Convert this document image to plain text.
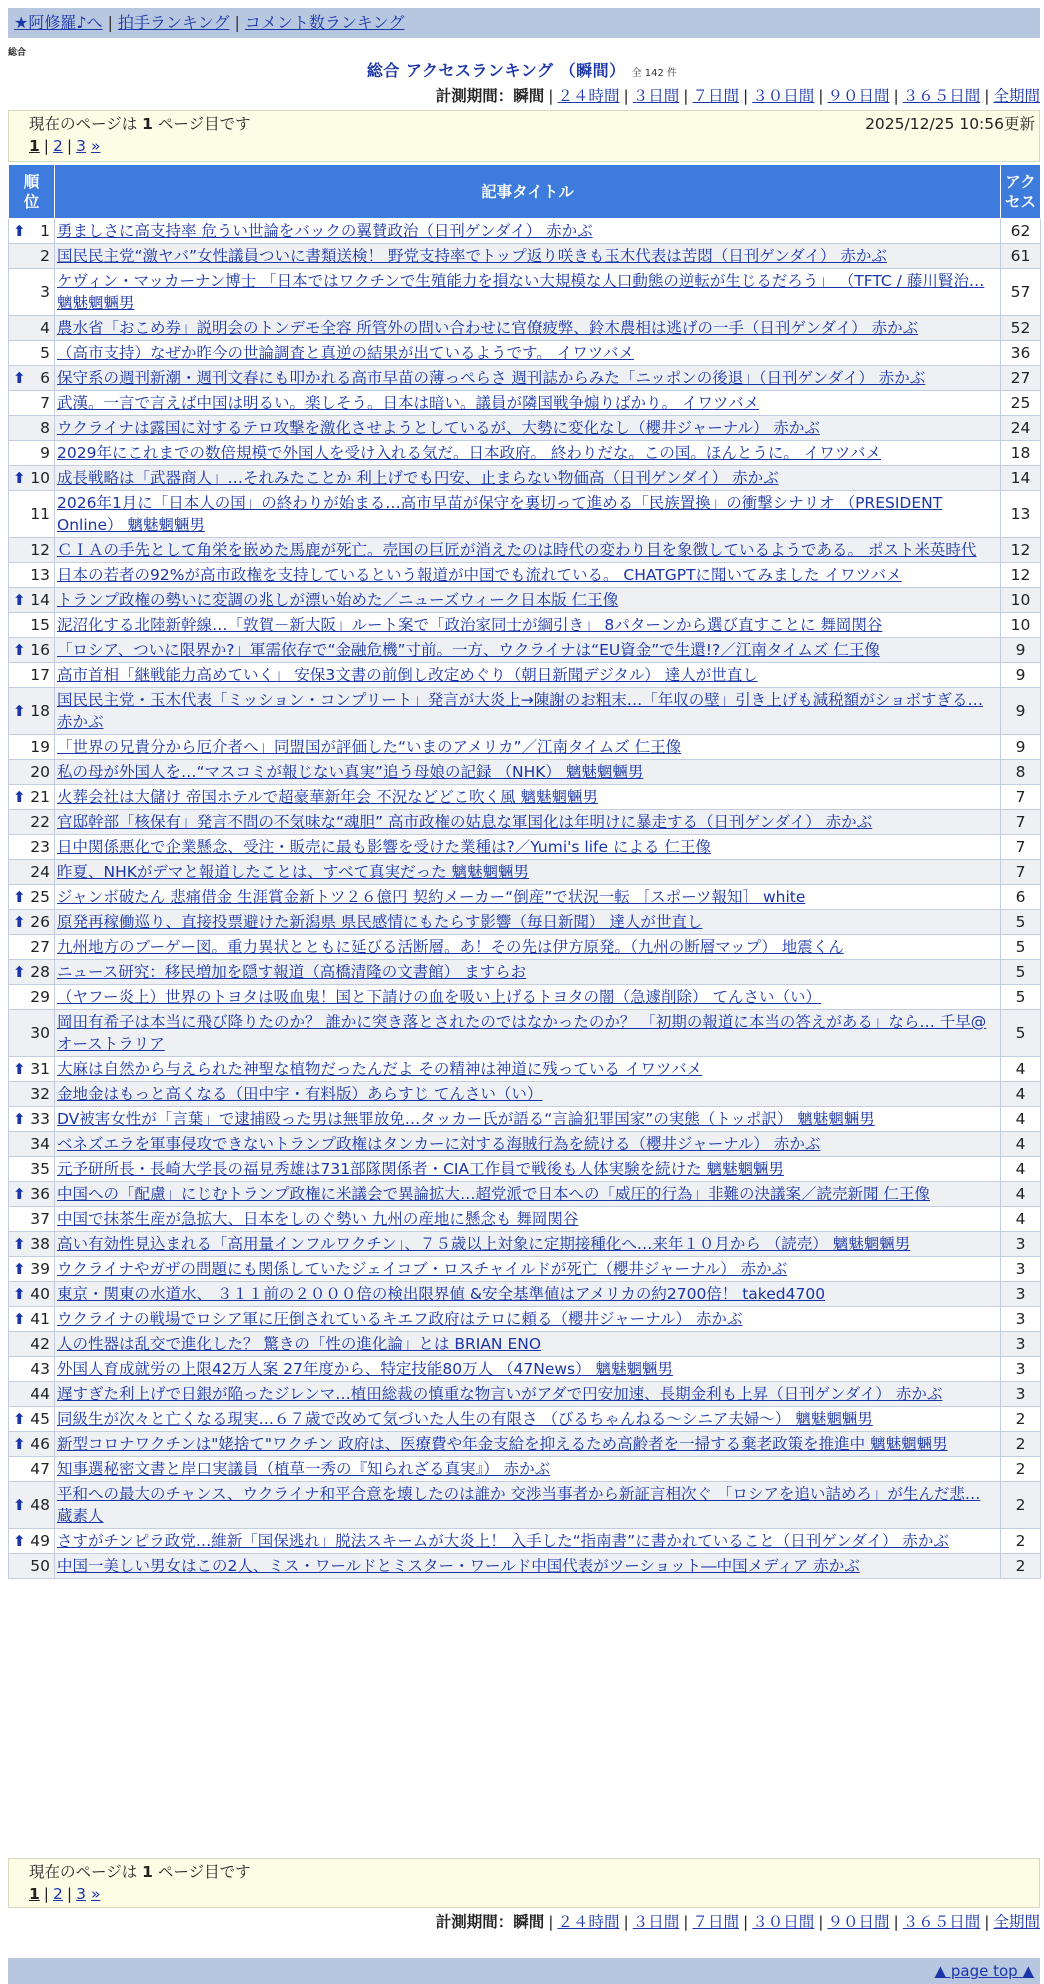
★阿修羅♪へ | 拍手ランキング | コメント数ランキング
総合
総合 アクセスランキング （瞬間） 全 142 件
計測期間：瞬間 | ２４時間 | ３日間 | ７日間 | ３０日間 | ９０日間 | ３６５日間 | 全期間
現在のページは 1 ページ目です	2025/12/25 10:56更新
1 | 2 | 3 »
順位	記事タイトル	アクセス

⬆ 1	勇ましさに高支持率 危うい世論をバックの翼賛政治（日刊ゲンダイ） 赤かぶ	62
2	国民民主党“激ヤバ”女性議員ついに書類送検！ 野党支持率でトップ返り咲きも玉木代表は苦悶（日刊ゲンダイ） 赤かぶ	61
3	ケヴィン・マッカーナン博士 「日本ではワクチンで生殖能力を損ない大規模な人口動態の逆転が生じるだろう」 （TFTC / 藤川賢治… 魑魅魍魎男	57
4	農水省「おこめ券」説明会のトンデモ全容 所管外の問い合わせに官僚疲弊、鈴木農相は逃げの一手（日刊ゲンダイ） 赤かぶ	52
5	（高市支持）なぜか昨今の世論調査と真逆の結果が出ているようです。 イワツバメ	36

⬆ 6	保守系の週刊新潮・週刊文春にも叩かれる高市早苗の薄っぺらさ 週刊誌からみた「ニッポンの後退」（日刊ゲンダイ） 赤かぶ	27
7	武漢。一言で言えば中国は明るい。楽しそう。日本は暗い。議員が隣国戦争煽りばかり。 イワツバメ	25
8	ウクライナは露国に対するテロ攻撃を激化させようとしているが、大勢に変化なし（櫻井ジャーナル） 赤かぶ	24
9	2029年にこれまでの数倍規模で外国人を受け入れる気だ。日本政府。 終わりだな。この国。ほんとうに。 イワツバメ	18

⬆ 10	成長戦略は「武器商人」…それみたことか 利上げでも円安、止まらない物価高（日刊ゲンダイ） 赤かぶ	14
11	2026年1月に「日本人の国」の終わりが始まる…高市早苗が保守を裏切って進める「民族置換」の衝撃シナリオ （PRESIDENT Online） 魑魅魍魎男	13
12	ＣＩＡの手先として角栄を嵌めた馬鹿が死亡。売国の巨匠が消えたのは時代の変わり目を象徴しているようである。 ポスト米英時代	12
13	日本の若者の92%が高市政権を支持しているという報道が中国でも流れている。 CHATGPTに聞いてみました イワツバメ	12

⬆ 14	トランプ政権の勢いに変調の兆しが漂い始めた／ニューズウィーク日本版 仁王像	10
15	泥沼化する北陸新幹線…「敦賀－新大阪」ルート案で「政治家同士が綱引き」 8パターンから選び直すことに 舞岡関谷	10

⬆ 16	「ロシア、ついに限界か?」軍需依存で“金融危機”寸前。一方、ウクライナは“EU資金”で生還!?／江南タイムズ 仁王像	9
17	高市首相「継戦能力高めていく」 安保3文書の前倒し改定めぐり（朝日新聞デジタル） 達人が世直し	9

⬆ 18	国民民主党・玉木代表「ミッション・コンプリート」発言が大炎上→陳謝のお粗末…「年収の壁」引き上げも減税額がショボすぎる… 赤かぶ	9
19	「世界の兄貴分から厄介者へ」同盟国が評価した“いまのアメリカ”／江南タイムズ 仁王像	9
20	私の母が外国人を…“マスコミが報じない真実”追う母娘の記録 （NHK） 魑魅魍魎男	8

⬆ 21	火葬会社は大儲け 帝国ホテルで超豪華新年会 不況などどこ吹く風 魑魅魍魎男	7
22	官邸幹部「核保有」発言不問の不気味な“魂胆” 高市政権の姑息な軍国化は年明けに暴走する（日刊ゲンダイ） 赤かぶ	7
23	日中関係悪化で企業懸念、受注・販売に最も影響を受けた業種は?／Yumi's life による 仁王像	7
24	昨夏、NHKがデマと報道したことは、すべて真実だった 魑魅魍魎男	7

⬆ 25	ジャンボ破たん 悲痛借金 生涯賞金新トツ２６億円 契約メーカー“倒産”で状況一転 ［スポーツ報知］ white	6

⬆ 26	原発再稼働巡り、直接投票避けた新潟県 県民感情にもたらす影響（毎日新聞） 達人が世直し	5
27	九州地方のブーゲー図。重力異状とともに延びる活断層。あ！その先は伊方原発。（九州の断層マップ） 地震くん	5

⬆ 28	ニュース研究：移民増加を隠す報道（高橋清隆の文書館） ますらお	5
29	（ヤフー炎上）世界のトヨタは吸血鬼！国と下請けの血を吸い上げるトヨタの闇（急遽削除） てんさい（い）	5
30	岡田有希子は本当に飛び降りたのか？ 誰かに突き落とされたのではなかったのか？ 「初期の報道に本当の答えがある」なら… 千早@オーストラリア	5

⬆ 31	大麻は自然から与えられた神聖な植物だったんだよ その精神は神道に残っている イワツバメ	4
32	金地金はもっと高くなる（田中宇・有料版）あらすじ てんさい（い）	4

⬆ 33	DV被害女性が「言葉」で逮捕殴った男は無罪放免…タッカー氏が語る“言論犯罪国家”の実態（トッポ訳） 魑魅魍魎男	4
34	ベネズエラを軍事侵攻できないトランプ政権はタンカーに対する海賊行為を続ける（櫻井ジャーナル） 赤かぶ	4
35	元予研所長・長崎大学長の福見秀雄は731部隊関係者・CIA工作員で戦後も人体実験を続けた 魑魅魍魎男	4

⬆ 36	中国への「配慮」にじむトランプ政権に米議会で異論拡大…超党派で日本への「威圧的行為」非難の決議案／読売新聞 仁王像	4
37	中国で抹茶生産が急拡大、日本をしのぐ勢い 九州の産地に懸念も 舞岡関谷	4

⬆ 38	高い有効性見込まれる「高用量インフルワクチン」、７５歳以上対象に定期接種化へ…来年１０月から （読売） 魑魅魍魎男	3

⬆ 39	ウクライナやガザの問題にも関係していたジェイコブ・ロスチャイルドが死亡（櫻井ジャーナル） 赤かぶ	3

⬆ 40	東京・関東の水道水、 ３１１前の２０００倍の検出限界値 &安全基準値はアメリカの約2700倍！ taked4700	3

⬆ 41	ウクライナの戦場でロシア軍に圧倒されているキエフ政府はテロに頼る（櫻井ジャーナル） 赤かぶ	3
42	人の性器は乱交で進化した？ 驚きの「性の進化論」とは BRIAN ENO	3
43	外国人育成就労の上限42万人案 27年度から、特定技能80万人 （47News） 魑魅魍魎男	3
44	遅すぎた利上げで日銀が陥ったジレンマ…植田総裁の慎重な物言いがアダで円安加速、長期金利も上昇（日刊ゲンダイ） 赤かぶ	3

⬆ 45	同級生が次々と亡くなる現実…６７歳で改めて気づいた人生の有限さ （びるちゃんねる〜シニア夫婦〜） 魑魅魍魎男	2

⬆ 46	新型コロナワクチンは"姥捨て"ワクチン 政府は、医療費や年金支給を抑えるため高齢者を一掃する棄老政策を推進中 魑魅魍魎男	2
47	知事選秘密文書と岸口実議員（植草一秀の『知られざる真実』） 赤かぶ	2

⬆ 48	平和への最大のチャンス、ウクライナ和平合意を壊したのは誰か 交渉当事者から新証言相次ぐ 「ロシアを追い詰めろ」が生んだ悲… 蔵素人	2

⬆ 49	さすがチンピラ政党…維新「国保逃れ」脱法スキームが大炎上！ 入手した“指南書”に書かれていること（日刊ゲンダイ） 赤かぶ	2
50	中国一美しい男女はこの2人、ミス・ワールドとミスター・ワールド中国代表がツーショット―中国メディア 赤かぶ	2
現在のページは 1 ページ目です
1 | 2 | 3 »
計測期間：瞬間 | ２４時間 | ３日間 | ７日間 | ３０日間 | ９０日間 | ３６５日間 | 全期間
▲ page top ▲
